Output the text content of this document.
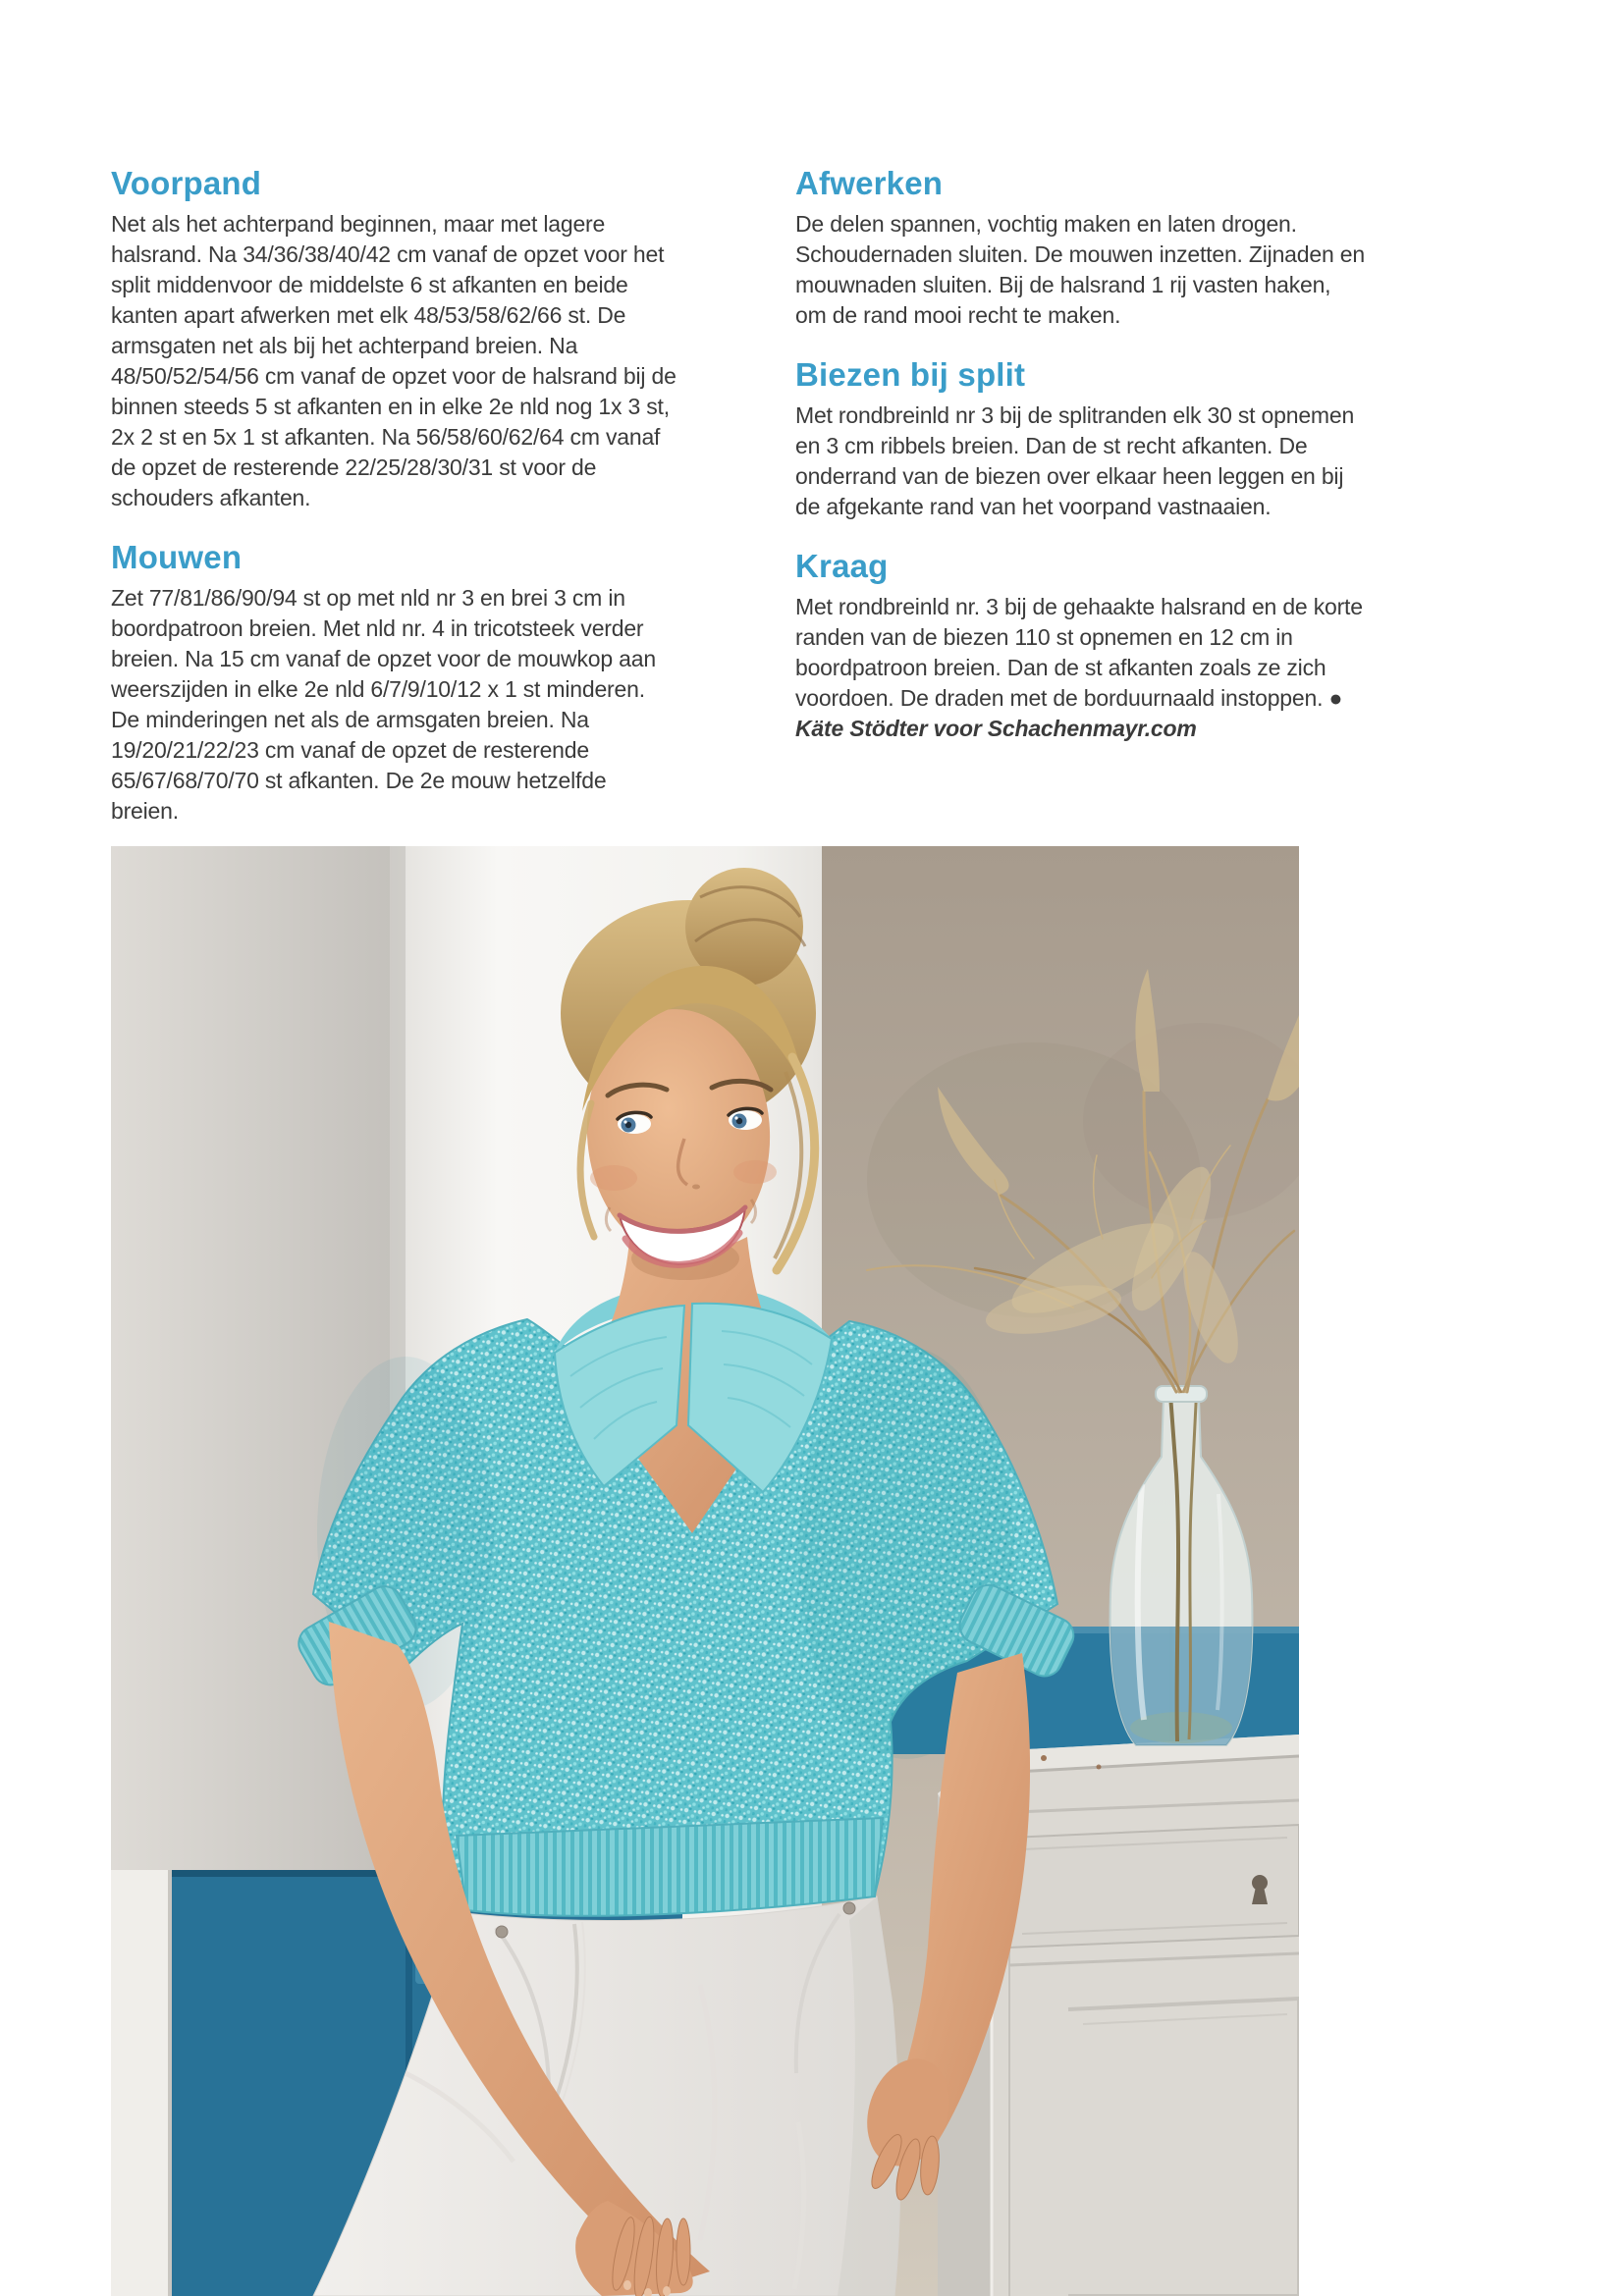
Voorpand

Net als het achterpand beginnen, maar met lagere halsrand. Na 34/36/38/40/42 cm vanaf de opzet voor het split middenvoor de middelste 6 st afkanten en beide kanten apart afwerken met elk 48/53/58/62/66 st. De armsgaten net als bij het achterpand breien. Na 48/50/52/54/56 cm vanaf de opzet voor de halsrand bij de binnen steeds 5 st afkanten en in elke 2e nld nog 1x 3 st, 2x 2 st en 5x 1 st afkanten. Na 56/58/60/62/64 cm vanaf de opzet de resterende 22/25/28/30/31 st voor de schouders afkanten.

Mouwen

Zet 77/81/86/90/94 st op met nld nr 3 en brei 3 cm in boordpatroon breien. Met nld nr. 4 in tricotsteek verder breien. Na 15 cm vanaf de opzet voor de mouwkop aan weerszijden in elke 2e nld 6/7/9/10/12 x 1 st minderen. De minderingen net als de armsgaten breien. Na 19/20/21/22/23 cm vanaf de opzet de resterende 65/67/68/70/70 st afkanten. De 2e mouw hetzelfde breien.

Afwerken

De delen spannen, vochtig maken en laten drogen. Schoudernaden sluiten. De mouwen inzetten. Zijnaden en mouwnaden sluiten. Bij de halsrand 1 rij vasten haken, om de rand mooi recht te maken.

Biezen bij split

Met rondbreinld nr 3 bij de splitranden elk 30 st opnemen en 3 cm ribbels breien. Dan de st recht afkanten. De onderrand van de biezen over elkaar heen leggen en bij de afgekante rand van het voorpand vastnaaien.

Kraag

Met rondbreinld nr. 3 bij de gehaakte halsrand en de korte randen van de biezen 110 st opnemen en 12 cm in boordpatroon breien. Dan de st afkanten zoals ze zich voordoen. De draden met de borduurnaald instoppen. ●

Käte Stödter voor Schachenmayr.com
